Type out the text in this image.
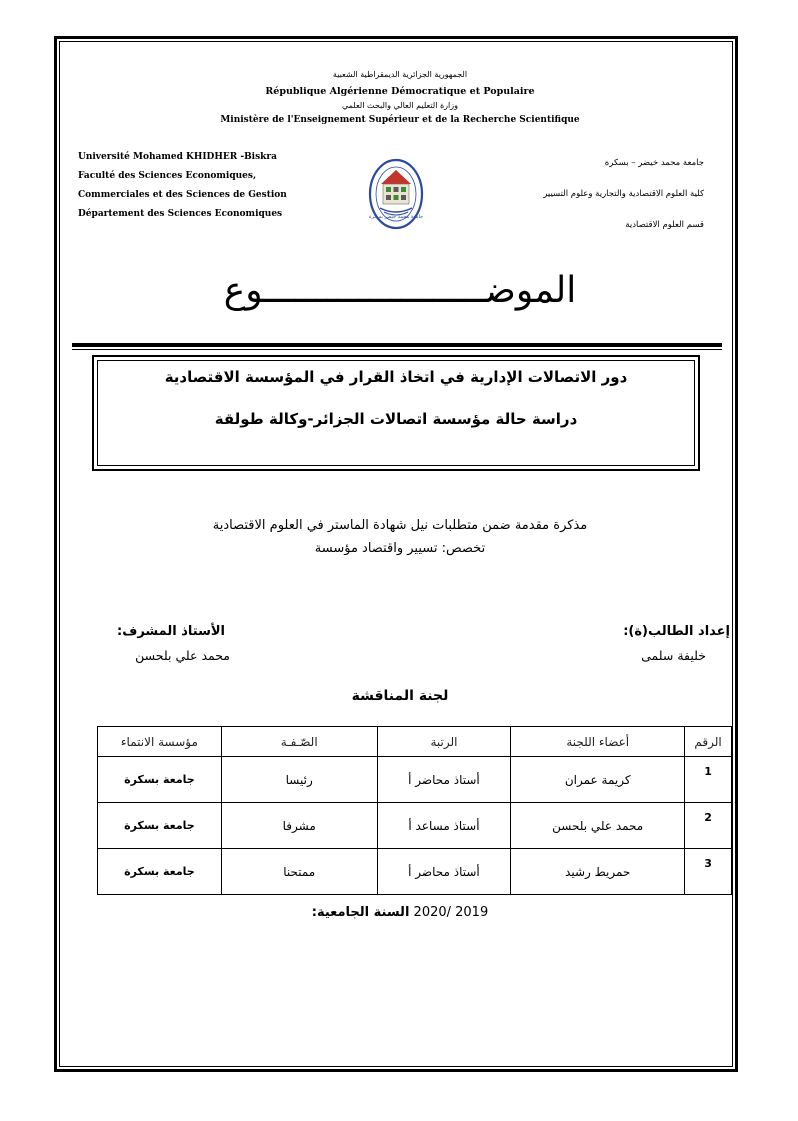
الجمهورية الجزائرية الديمقراطية الشعبية
République Algérienne Démocratique et Populaire
وزارة التعليم العالي والبحث العلمي
Ministère de l'Enseignement Supérieur et de la Recherche Scientifique
Université Mohamed KHIDHER -Biskra
Faculté des Sciences Economiques,
Commerciales et des Sciences de Gestion
Département des Sciences Economiques
جامعة محمد خيضر – بسكرة
كلية العلوم الاقتصادية والتجارية وعلوم التسيير
قسم العلوم الاقتصادية
جامعة محمد خيضر بسكرة
الموضـــــــــــــــــــــوع
دور الاتصالات الإدارية في اتخاذ القرار في المؤسسة الاقتصادية
دراسة حالة مؤسسة اتصالات الجزائر-وكالة طولقة
مذكرة مقدمة ضمن متطلبات نيل شهادة الماستر في العلوم الاقتصادية
تخصص: تسيير واقتصاد مؤسسة
إعداد الطالب(ة):
خليفة سلمى
الأستاذ المشرف:
محمد علي بلحسن
لجنة المناقشة
الرقم	أعضاء اللجنة	الرتبة	الصّـفـة	مؤسسة الانتماء
1	كريمة عمران	أستاذ محاضر أ	رئيسا	جامعة بسكرة
2	محمد علي بلحسن	أستاذ مساعد أ	مشرفا	جامعة بسكرة
3	حمريط رشيد	أستاذ محاضر أ	ممتحنا	جامعة بسكرة
السنة الجامعية: 2020/ 2019
